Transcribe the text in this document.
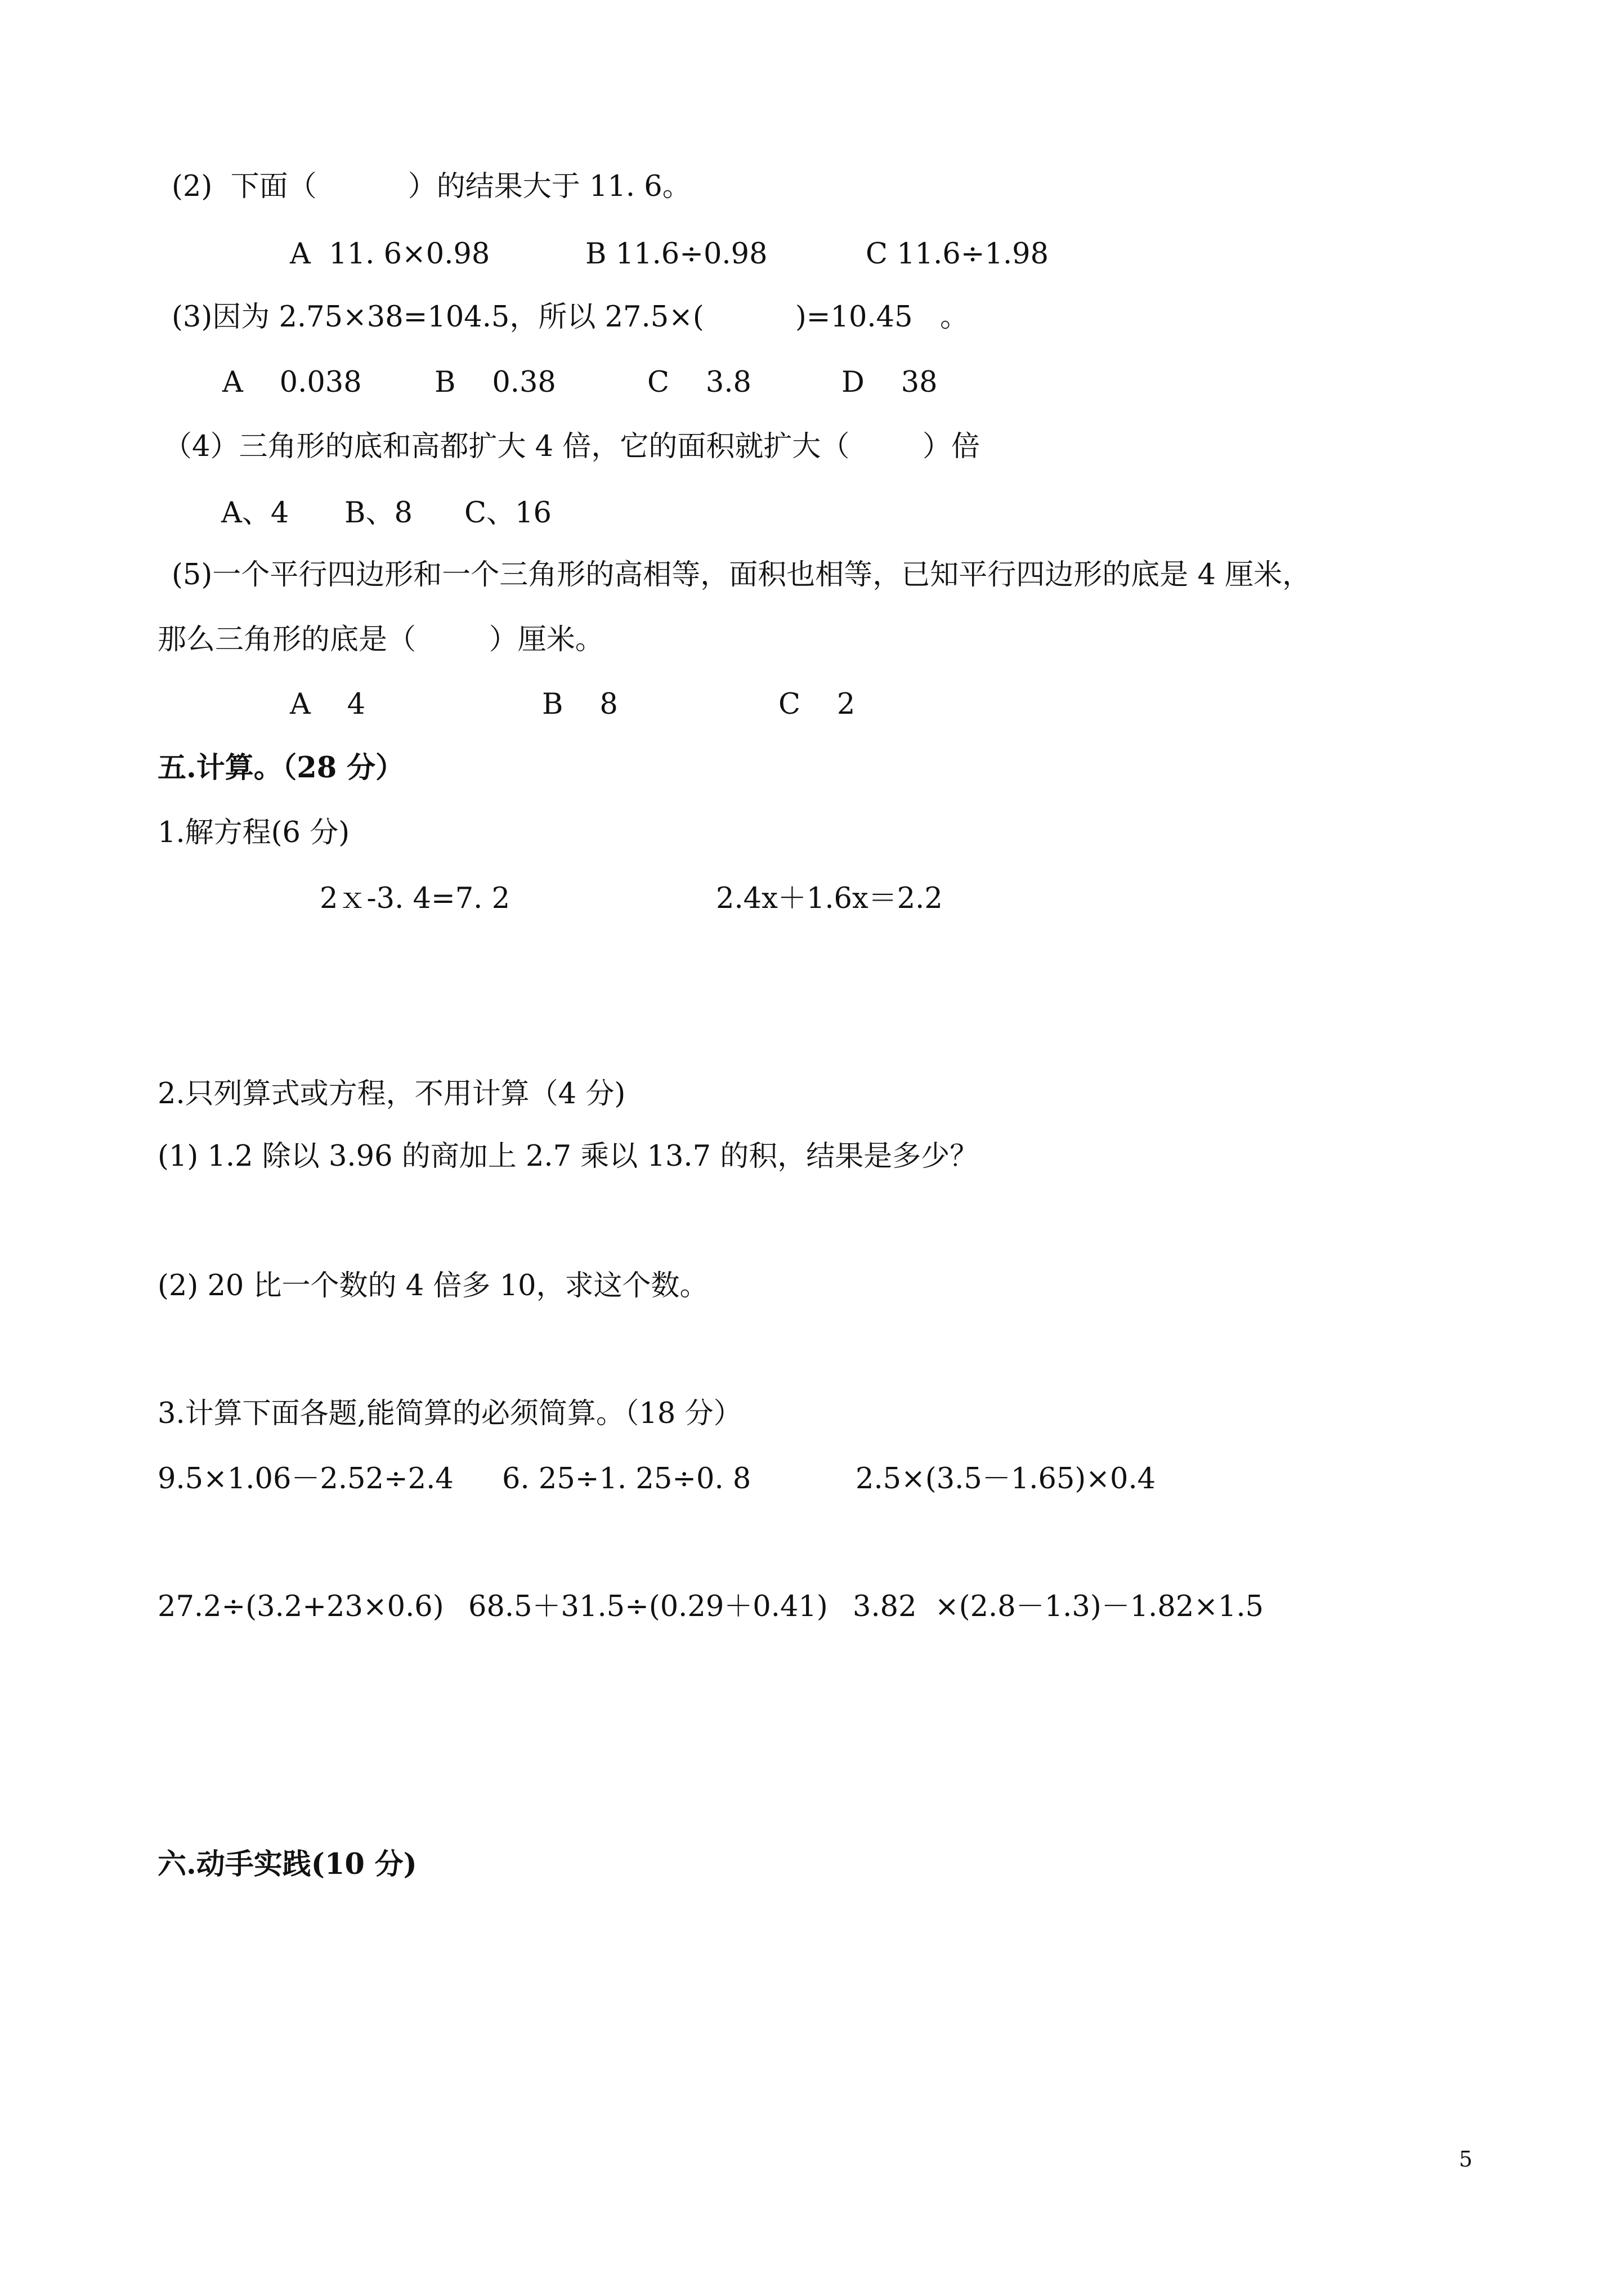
(2)  下面（          ）的结果大于 11. 6。
A  11. 6×0.98	B 11.6÷0.98	C 11.6÷1.98
(3)因为 2.75×38=104.5，所以 27.5×(          )=10.45   。
A    0.038	B    0.38	C    3.8	D    38
（4）三角形的底和高都扩大 4 倍，它的面积就扩大（        ）倍
A、4 B、8 C、16
(5)一个平行四边形和一个三角形的高相等，面积也相等，已知平行四边形的底是 4 厘米，
那么三角形的底是（        ）厘米。
A    4	B    8	C    2
五.计算。（28 分）
1.解方程(6 分)
2ｘ-3. 4=7. 2	2.4x＋1.6x＝2.2
2.只列算式或方程，不用计算（4 分)
(1) 1.2 除以 3.96 的商加上 2.7 乘以 13.7 的积，结果是多少？
(2) 20 比一个数的 4 倍多 10，求这个数。
3.计算下面各题,能简算的必须简算。（18 分）
9.5×1.06－2.52÷2.4 6. 25÷1. 25÷0. 8	2.5×(3.5－1.65)×0.4
27.2÷(3.2+23×0.6) 68.5＋31.5÷(0.29＋0.41) 3.82  ×(2.8－1.3)－1.82×1.5
六.动手实践(10 分)
5
